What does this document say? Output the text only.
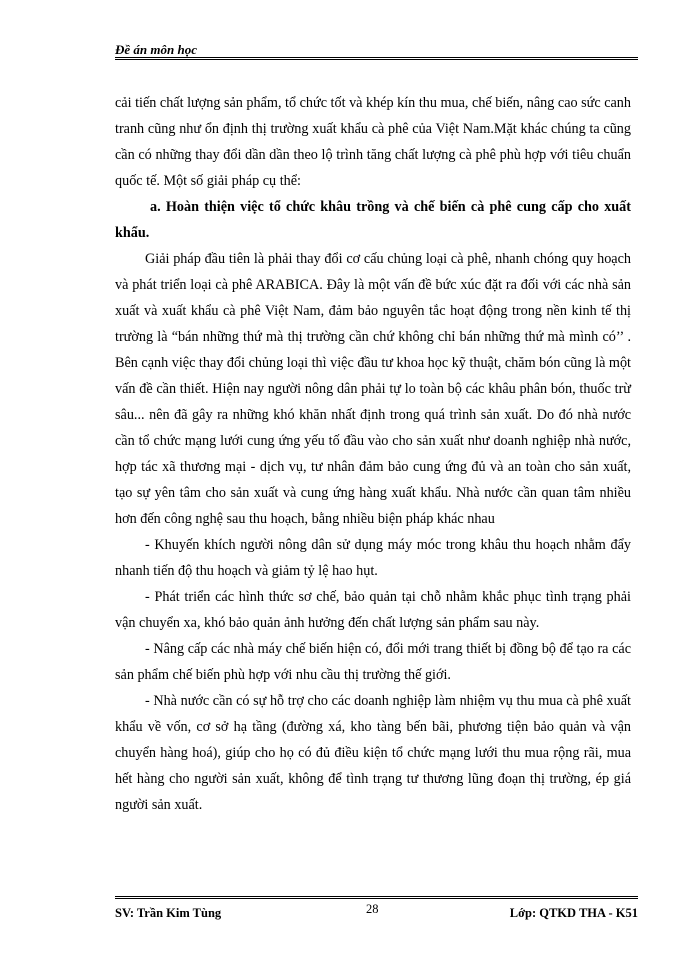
Đề án môn học

cải tiến chất lượng sản phẩm, tổ chức tốt và khép kín thu mua, chế biến, nâng cao sức canh tranh cũng như ổn định thị trường xuất khẩu cà phê của Việt Nam.Mặt khác chúng ta cũng cần có những thay đổi dần dần theo lộ trình tăng chất lượng cà phê phù hợp với tiêu chuẩn quốc tế. Một số giải pháp cụ thể:

a. Hoàn thiện việc tổ chức khâu trồng và chế biến cà phê cung cấp cho xuất khẩu.

Giải pháp đầu tiên là phải thay đổi cơ cấu chủng loại cà phê, nhanh chóng quy hoạch và phát triển loại cà phê ARABICA. Đây là một vấn đề bức xúc đặt ra đối với các nhà sản xuất và xuất khẩu cà phê Việt Nam, đảm bảo nguyên tắc hoạt động trong nền kinh tế thị trường là “bán những thứ mà thị trường cần chứ không chỉ bán những thứ mà mình có’’ . Bên cạnh việc thay đổi chủng loại thì việc đầu tư khoa học kỹ thuật, chăm bón cũng là một vấn đề cần thiết. Hiện nay người nông dân phải tự lo toàn bộ các khâu phân bón, thuốc trừ sâu... nên đã gây ra những khó khăn nhất định trong quá trình sản xuất. Do đó nhà nước cần tổ chức mạng lưới cung ứng yếu tố đầu vào cho sản xuất như doanh nghiệp nhà nước, hợp tác xã thương mại - dịch vụ, tư nhân đảm bảo cung ứng đủ và an toàn cho sản xuất, tạo sự yên tâm cho sản xuất và cung ứng hàng xuất khẩu. Nhà nước cần quan tâm nhiều hơn đến công nghệ sau thu hoạch, bằng nhiều biện pháp khác nhau

- Khuyến khích người nông dân sử dụng máy móc trong khâu thu hoạch nhằm đẩy nhanh tiến độ thu hoạch và giảm tỷ lệ hao hụt.

- Phát triển các hình thức sơ chế, bảo quản tại chỗ nhằm khắc phục tình trạng phải vận chuyển xa, khó bảo quản ảnh hưởng đến chất lượng sản phẩm sau này.

- Nâng cấp các nhà máy chế biến hiện có, đổi mới trang thiết bị đồng bộ để tạo ra các sản phẩm chế biến phù hợp với nhu cầu thị trường thế giới.

- Nhà nước cần có sự hỗ trợ cho các doanh nghiệp làm nhiệm vụ thu mua cà phê xuất khẩu về vốn, cơ sở hạ tầng (đường xá, kho tàng bến bãi, phương tiện bảo quản và vận chuyển hàng hoá), giúp cho họ có đủ điều kiện tổ chức mạng lưới thu mua rộng rãi, mua hết hàng cho người sản xuất, không để tình trạng tư thương lũng đoạn thị trường, ép giá người sản xuất.

SV: Trần Kim Tùng	28	Lớp: QTKD THA - K51
